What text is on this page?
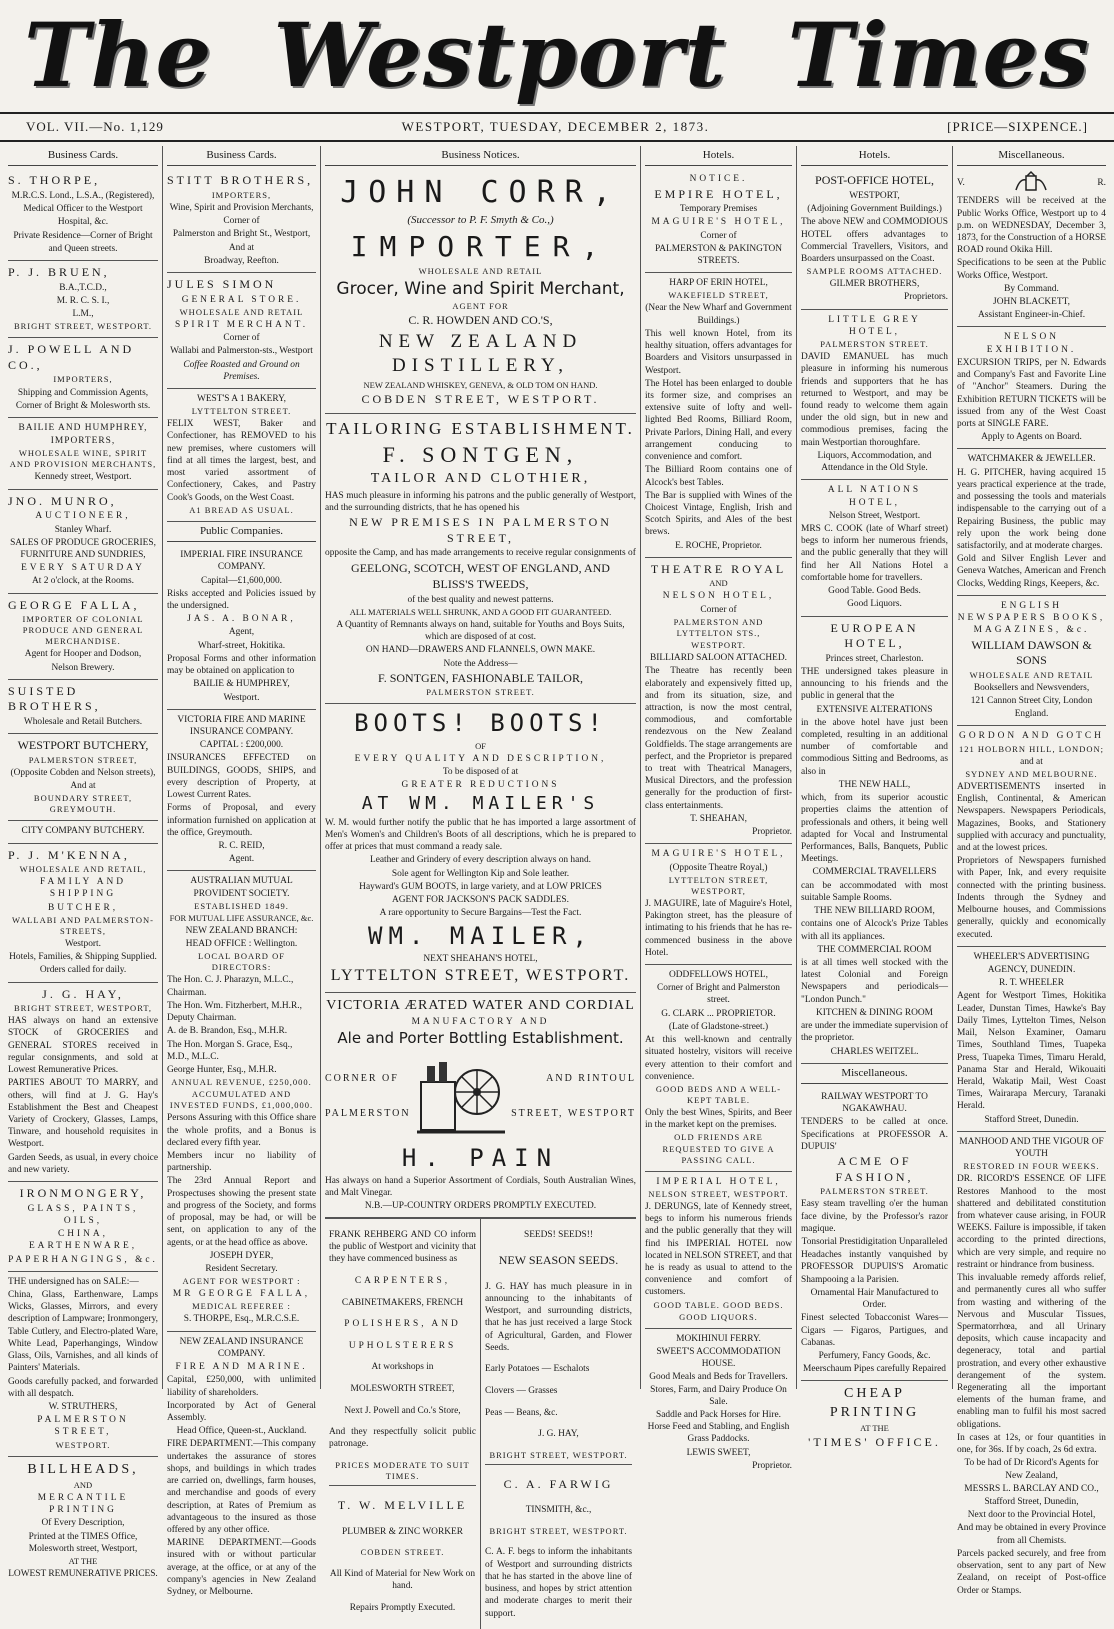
The Westport Times
VOL. VII.—No. 1,129	WESTPORT, TUESDAY, DECEMBER 2, 1873.	[PRICE—SIXPENCE.]
Business Cards.

S. THORPE,

M.R.C.S. Lond., L.S.A., (Registered),

Medical Officer to the Westport

Hospital, &c.

Private Residence—Corner of Bright

and Queen streets.

P. J. BRUEN,

B.A.,T.C.D.,

M. R. C. S. I.,

L.M.,

BRIGHT STREET, WESTPORT.

J. POWELL AND CO.,

IMPORTERS,

Shipping and Commission Agents,

Corner of Bright & Molesworth sts.

BAILIE AND HUMPHREY,

IMPORTERS,

WHOLESALE WINE, SPIRIT AND PROVISION MERCHANTS,

Kennedy street, Westport.

JNO. MUNRO,

AUCTIONEER,

Stanley Wharf.

SALES OF PRODUCE GROCERIES, FURNITURE AND SUNDRIES,

EVERY SATURDAY

At 2 o'clock, at the Rooms.

GEORGE FALLA,

IMPORTER OF COLONIAL PRODUCE AND GENERAL MERCHANDISE.

Agent for Hooper and Dodson,

Nelson Brewery.

SUISTED BROTHERS,

Wholesale and Retail Butchers.

WESTPORT BUTCHERY,

PALMERSTON STREET,

(Opposite Cobden and Nelson streets),

And at

BOUNDARY STREET, GREYMOUTH.

CITY COMPANY BUTCHERY.

P. J. M'KENNA,

WHOLESALE AND RETAIL,

FAMILY AND SHIPPING

BUTCHER,

WALLABI AND PALMERSTON-STREETS,

Westport.

Hotels, Families, & Shipping Supplied.

Orders called for daily.

J. G. HAY,

BRIGHT STREET, WESTPORT,

HAS always on hand an extensive STOCK of GROCERIES and GENERAL STORES received in regular consignments, and sold at Lowest Remunerative Prices.

PARTIES ABOUT TO MARRY, and others, will find at J. G. Hay's Establishment the Best and Cheapest Variety of Crockery, Glasses, Lamps, Tinware, and household requisites in Westport.

Garden Seeds, as usual, in every choice and new variety.

IRONMONGERY,

GLASS, PAINTS, OILS,

CHINA, EARTHENWARE,

PAPERHANGINGS, &c.

THE undersigned has on SALE:—

China, Glass, Earthenware, Lamps Wicks, Glasses, Mirrors, and every description of Lampware; Ironmongery, Table Cutlery, and Electro-plated Ware, White Lead, Paperhangings, Window Glass, Oils, Varnishes, and all kinds of Painters' Materials.

Goods carefully packed, and forwarded with all despatch.

W. STRUTHERS,

PALMERSTON STREET,

WESTPORT.

BILLHEADS,

AND

MERCANTILE PRINTING

Of Every Description,

Printed at the TIMES Office, Molesworth street, Westport,

AT THE

LOWEST REMUNERATIVE PRICES.

Business Cards.

STITT BROTHERS,

IMPORTERS,

Wine, Spirit and Provision Merchants,

Corner of

Palmerston and Bright St., Westport,

And at

Broadway, Reefton.

JULES SIMON

GENERAL STORE.

WHOLESALE AND RETAIL

SPIRIT MERCHANT.

Corner of

Wallabi and Palmerston-sts., Westport

Coffee Roasted and Ground on Premises.

WEST'S A 1 BAKERY,

LYTTELTON STREET.

FELIX WEST, Baker and Confectioner, has REMOVED to his new premises, where customers will find at all times the largest, best, and most varied assortment of Confectionery, Cakes, and Pastry Cook's Goods, on the West Coast.

A1 BREAD AS USUAL.

Public Companies.

IMPERIAL FIRE INSURANCE COMPANY.

Capital—£1,600,000.

Risks accepted and Policies issued by the undersigned.

JAS. A. BONAR,

Agent,

Wharf-street, Hokitika.

Proposal Forms and other information may be obtained on application to

BAILIE & HUMPHREY,

Westport.

VICTORIA FIRE AND MARINE INSURANCE COMPANY.

CAPITAL : £200,000.

INSURANCES EFFECTED on BUILDINGS, GOODS, SHIPS, and every description of Property, at Lowest Current Rates.

Forms of Proposal, and every information furnished on application at the office, Greymouth.

R. C. REID,

Agent.

AUSTRALIAN MUTUAL PROVIDENT SOCIETY.

ESTABLISHED 1849.

FOR MUTUAL LIFE ASSURANCE, &c.

NEW ZEALAND BRANCH:

HEAD OFFICE : Wellington.

LOCAL BOARD OF DIRECTORS:

The Hon. C. J. Pharazyn, M.L.C., Chairman.

The Hon. Wm. Fitzherbert, M.H.R., Deputy Chairman.

A. de B. Brandon, Esq., M.H.R.

The Hon. Morgan S. Grace, Esq., M.D., M.L.C.

George Hunter, Esq., M.H.R.

ANNUAL REVENUE, £250,000.

ACCUMULATED AND INVESTED FUNDS, £1,000,000.

Persons Assuring with this Office share the whole profits, and a Bonus is declared every fifth year.

Members incur no liability of partnership.

The 23rd Annual Report and Prospectuses showing the present state and progress of the Society, and forms of proposal, may be had, or will be sent, on application to any of the agents, or at the head office as above.

JOSEPH DYER,

Resident Secretary.

AGENT FOR WESTPORT :

MR GEORGE FALLA,

MEDICAL REFEREE :

S. THORPE, Esq., M.R.C.S.E.

NEW ZEALAND INSURANCE COMPANY.

FIRE AND MARINE.

Capital, £250,000, with unlimited liability of shareholders.

Incorporated by Act of General Assembly.

Head Office, Queen-st., Auckland.

FIRE DEPARTMENT.—This company undertakes the assurance of stores shops, and buildings in which trades are carried on, dwellings, farm houses, and merchandise and goods of every description, at Rates of Premium as advantageous to the insured as those offered by any other office.

MARINE DEPARTMENT.—Goods insured with or without particular average, at the office, or at any of the company's agencies in New Zealand Sydney, or Melbourne.

Business Notices.

JOHN CORR,

(Successor to P. F. Smyth & Co.,)

IMPORTER,

WHOLESALE AND RETAIL

Grocer, Wine and Spirit Merchant,

AGENT FOR

C. R. HOWDEN AND CO.'S,

NEW ZEALAND DISTILLERY,

NEW ZEALAND WHISKEY, GENEVA, & OLD TOM ON HAND.

COBDEN STREET, WESTPORT.

TAILORING ESTABLISHMENT.

F. SONTGEN,

TAILOR AND CLOTHIER,

HAS much pleasure in informing his patrons and the public generally of Westport, and the surrounding districts, that he has opened his

NEW PREMISES IN PALMERSTON STREET,

opposite the Camp, and has made arrangements to receive regular consignments of

GEELONG, SCOTCH, WEST OF ENGLAND, AND

BLISS'S TWEEDS,

of the best quality and newest patterns.

ALL MATERIALS WELL SHRUNK, AND A GOOD FIT GUARANTEED.

A Quantity of Remnants always on hand, suitable for Youths and Boys Suits, which are disposed of at cost.

ON HAND—DRAWERS AND FLANNELS, OWN MAKE.

Note the Address—

F. SONTGEN, FASHIONABLE TAILOR,

PALMERSTON STREET.

BOOTS! BOOTS!

OF

EVERY QUALITY AND DESCRIPTION,

To be disposed of at

GREATER REDUCTIONS

AT WM. MAILER'S

W. M. would further notify the public that he has imported a large assortment of Men's Women's and Children's Boots of all descriptions, which he is prepared to offer at prices that must command a ready sale.

Leather and Grindery of every description always on hand.

Sole agent for Wellington Kip and Sole leather.

Hayward's GUM BOOTS, in large variety, and at LOW PRICES

AGENT FOR JACKSON'S PACK SADDLES.

A rare opportunity to Secure Bargains—Test the Fact.

WM. MAILER,

NEXT SHEAHAN'S HOTEL,

LYTTELTON STREET, WESTPORT.

VICTORIA ÆRATED WATER AND CORDIAL

MANUFACTORY AND

Ale and Porter Bottling Establishment.

CORNER OF

PALMERSTON

AND RINTOUL

STREET, WESTPORT

H. PAIN

Has always on hand a Superior Assortment of Cordials, South Australian Wines, and Malt Vinegar.

N.B.—UP-COUNTRY ORDERS PROMPTLY EXECUTED.

FRANK REHBERG AND CO inform the public of Westport and vicinity that they have commenced business as

CARPENTERS,

CABINETMAKERS, FRENCH

POLISHERS, AND

UPHOLSTERERS

At workshops in

MOLESWORTH STREET,

Next J. Powell and Co.'s Store,

And they respectfully solicit public patronage.

PRICES MODERATE TO SUIT TIMES.

T. W. MELVILLE

PLUMBER & ZINC WORKER

COBDEN STREET.

All Kind of Material for New Work on hand.

Repairs Promptly Executed.

SEEDS! SEEDS!!

NEW SEASON SEEDS.

J. G. HAY has much pleasure in in announcing to the inhabitants of Westport, and surrounding districts, that he has just received a large Stock of Agricultural, Garden, and Flower Seeds.

Early Potatoes — Eschalots

Clovers — Grasses

Peas — Beans, &c.

J. G. HAY,

BRIGHT STREET, WESTPORT.

C. A. FARWIG

TINSMITH, &c.,

BRIGHT STREET, WESTPORT.

C. A. F. begs to inform the inhabitants of Westport and surrounding districts that he has started in the above line of business, and hopes by strict attention and moderate charges to merit their support.

Hotels.

NOTICE.

EMPIRE HOTEL,

Temporary Premises

MAGUIRE'S HOTEL,

Corner of

PALMERSTON & PAKINGTON STREETS.

HARP OF ERIN HOTEL,

WAKEFIELD STREET,

(Near the New Wharf and Government Buildings.)

This well known Hotel, from its healthy situation, offers advantages for Boarders and Visitors unsurpassed in Westport.

The Hotel has been enlarged to double its former size, and comprises an extensive suite of lofty and well-lighted Bed Rooms, Billiard Room, Private Parlors, Dining Hall, and every arrangement conducing to convenience and comfort.

The Billiard Room contains one of Alcock's best Tables.

The Bar is supplied with Wines of the Choicest Vintage, English, Irish and Scotch Spirits, and Ales of the best brews.

E. ROCHE, Proprietor.

THEATRE ROYAL

AND

NELSON HOTEL,

Corner of

PALMERSTON AND LYTTELTON STS.,

WESTPORT.

BILLIARD SALOON ATTACHED.

The Theatre has recently been elaborately and expensively fitted up, and from its situation, size, and attraction, is now the most central, commodious, and comfortable rendezvous on the New Zealand Goldfields. The stage arrangements are perfect, and the Proprietor is prepared to treat with Theatrical Managers, Musical Directors, and the profession generally for the production of first-class entertainments.

T. SHEAHAN,

Proprietor.

MAGUIRE'S HOTEL,

(Opposite Theatre Royal,)

LYTTELTON STREET, WESTPORT,

J. MAGUIRE, late of Maguire's Hotel, Pakington street, has the pleasure of intimating to his friends that he has re-commenced business in the above Hotel.

ODDFELLOWS HOTEL,

Corner of Bright and Palmerston street.

G. CLARK ... PROPRIETOR.

(Late of Gladstone-street.)

At this well-known and centrally situated hostelry, visitors will receive every attention to their comfort and convenience.

GOOD BEDS AND A WELL-KEPT TABLE.

Only the best Wines, Spirits, and Beer in the market kept on the premises.

OLD FRIENDS ARE REQUESTED TO GIVE A PASSING CALL.

IMPERIAL HOTEL,

NELSON STREET, WESTPORT.

J. DERUNGS, late of Kennedy street, begs to inform his numerous friends and the public generally that they will find his IMPERIAL HOTEL now located in NELSON STREET, and that he is ready as usual to attend to the convenience and comfort of customers.

GOOD TABLE. GOOD BEDS.

GOOD LIQUORS.

MOKIHINUI FERRY.

SWEET'S ACCOMMODATION HOUSE.

Good Meals and Beds for Travellers. Stores, Farm, and Dairy Produce On Sale.

Saddle and Pack Horses for Hire. Horse Feed and Stabling, and English Grass Paddocks.

LEWIS SWEET,

Proprietor.

Hotels.

POST-OFFICE HOTEL,

WESTPORT,

(Adjoining Government Buildings.)

The above NEW and COMMODIOUS HOTEL offers advantages to Commercial Travellers, Visitors, and Boarders unsurpassed on the Coast.

SAMPLE ROOMS ATTACHED.

GILMER BROTHERS,

Proprietors.

LITTLE GREY HOTEL,

PALMERSTON STREET.

DAVID EMANUEL has much pleasure in informing his numerous friends and supporters that he has returned to Westport, and may be found ready to welcome them again under the old sign, but in new and commodious premises, facing the main Westportian thoroughfare.

Liquors, Accommodation, and Attendance in the Old Style.

ALL NATIONS HOTEL,

Nelson Street, Westport.

MRS C. COOK (late of Wharf street) begs to inform her numerous friends, and the public generally that they will find her All Nations Hotel a comfortable home for travellers.

Good Table. Good Beds.

Good Liquors.

EUROPEAN HOTEL,

Princes street, Charleston.

THE undersigned takes pleasure in announcing to his friends and the public in general that the

EXTENSIVE ALTERATIONS

in the above hotel have just been completed, resulting in an additional number of comfortable and commodious Sitting and Bedrooms, as also in

THE NEW HALL,

which, from its superior acoustic properties claims the attention of professionals and others, it being well adapted for Vocal and Instrumental Performances, Balls, Banquets, Public Meetings.

COMMERCIAL TRAVELLERS

can be accommodated with most suitable Sample Rooms.

THE NEW BILLIARD ROOM,

contains one of Alcock's Prize Tables with all its appliances.

THE COMMERCIAL ROOM

is at all times well stocked with the latest Colonial and Foreign Newspapers and periodicals— "London Punch."

KITCHEN & DINING ROOM

are under the immediate supervision of the proprietor.

CHARLES WEITZEL.

Miscellaneous.

RAILWAY WESTPORT TO NGAKAWHAU.

TENDERS to be called at once. Specifications at PROFESSOR A. DUPUIS'

ACME OF FASHION,

PALMERSTON STREET.

Easy steam travelling o'er the human face divine, by the Professor's razor magique.

Tonsorial Prestidigitation Unparalleled

Headaches instantly vanquished by PROFESSOR DUPUIS'S Aromatic Shampooing a la Parisien.

Ornamental Hair Manufactured to Order.

Finest selected Tobacconist Wares—Cigars — Figaros, Partigues, and Cabanas.

Perfumery, Fancy Goods, &c.

Meerschaum Pipes carefully Repaired

CHEAP PRINTING

AT THE

'TIMES' OFFICE.

Miscellaneous.
V.	R.

TENDERS will be received at the Public Works Office, Westport up to 4 p.m. on WEDNESDAY, December 3, 1873, for the Construction of a HORSE ROAD round Okika Hill.

Specifications to be seen at the Public Works Office, Westport.

By Command.

JOHN BLACKETT,

Assistant Engineer-in-Chief.

NELSON EXHIBITION.

EXCURSION TRIPS, per N. Edwards and Company's Fast and Favorite Line of "Anchor" Steamers. During the Exhibition RETURN TICKETS will be issued from any of the West Coast ports at SINGLE FARE.

Apply to Agents on Board.

WATCHMAKER & JEWELLER.

H. G. PITCHER, having acquired 15 years practical experience at the trade, and possessing the tools and materials indispensable to the carrying out of a Repairing Business, the public may rely upon the work being done satisfactorily, and at moderate charges.

Gold and Silver English Lever and Geneva Watches, American and French Clocks, Wedding Rings, Keepers, &c.

ENGLISH NEWSPAPERS BOOKS, MAGAZINES, &c.

WILLIAM DAWSON & SONS

WHOLESALE AND RETAIL

Booksellers and Newsvenders,

121 Cannon Street City, London

England.

GORDON AND GOTCH

121 HOLBORN HILL, LONDON;

and at

SYDNEY AND MELBOURNE.

ADVERTISEMENTS inserted in English, Continental, & American Newspapers. Newspapers Periodicals, Magazines, Books, and Stationery supplied with accuracy and punctuality, and at the lowest prices.

Proprietors of Newspapers furnished with Paper, Ink, and every requisite connected with the printing business. Indents through the Sydney and Melbourne houses, and Commissions generally, quickly and economically executed.

WHEELER'S ADVERTISING

AGENCY, DUNEDIN.

R. T. WHEELER

Agent for Westport Times, Hokitika Leader, Dunstan Times, Hawke's Bay Daily Times, Lyttelton Times, Nelson Mail, Nelson Examiner, Oamaru Times, Southland Times, Tuapeka Press, Tuapeka Times, Timaru Herald, Panama Star and Herald, Wikouaiti Herald, Wakatip Mail, West Coast Times, Wairarapa Mercury, Taranaki Herald.

Stafford Street, Dunedin.

MANHOOD AND THE VIGOUR OF YOUTH

RESTORED IN FOUR WEEKS.

DR. RICORD'S ESSENCE OF LIFE Restores Manhood to the most shattered and debilitated constitution from whatever cause arising, in FOUR WEEKS. Failure is impossible, if taken according to the printed directions, which are very simple, and require no restraint or hindrance from business.

This invaluable remedy affords relief, and permanently cures all who suffer from wasting and withering of the Nervous and Muscular Tissues, Spermatorrhœa, and all Urinary deposits, which cause incapacity and degeneracy, total and partial prostration, and every other exhaustive derangement of the system. Regenerating all the important elements of the human frame, and enabling man to fulfil his most sacred obligations.

In cases at 12s, or four quantities in one, for 36s. If by coach, 2s 6d extra.

To be had of Dr Ricord's Agents for New Zealand,

MESSRS L. BARCLAY AND CO.,

Stafford Street, Dunedin,

Next door to the Provincial Hotel,

And may be obtained in every Province from all Chemists.

Parcels packed securely, and free from observation, sent to any part of New Zealand, on receipt of Post-office Order or Stamps.
